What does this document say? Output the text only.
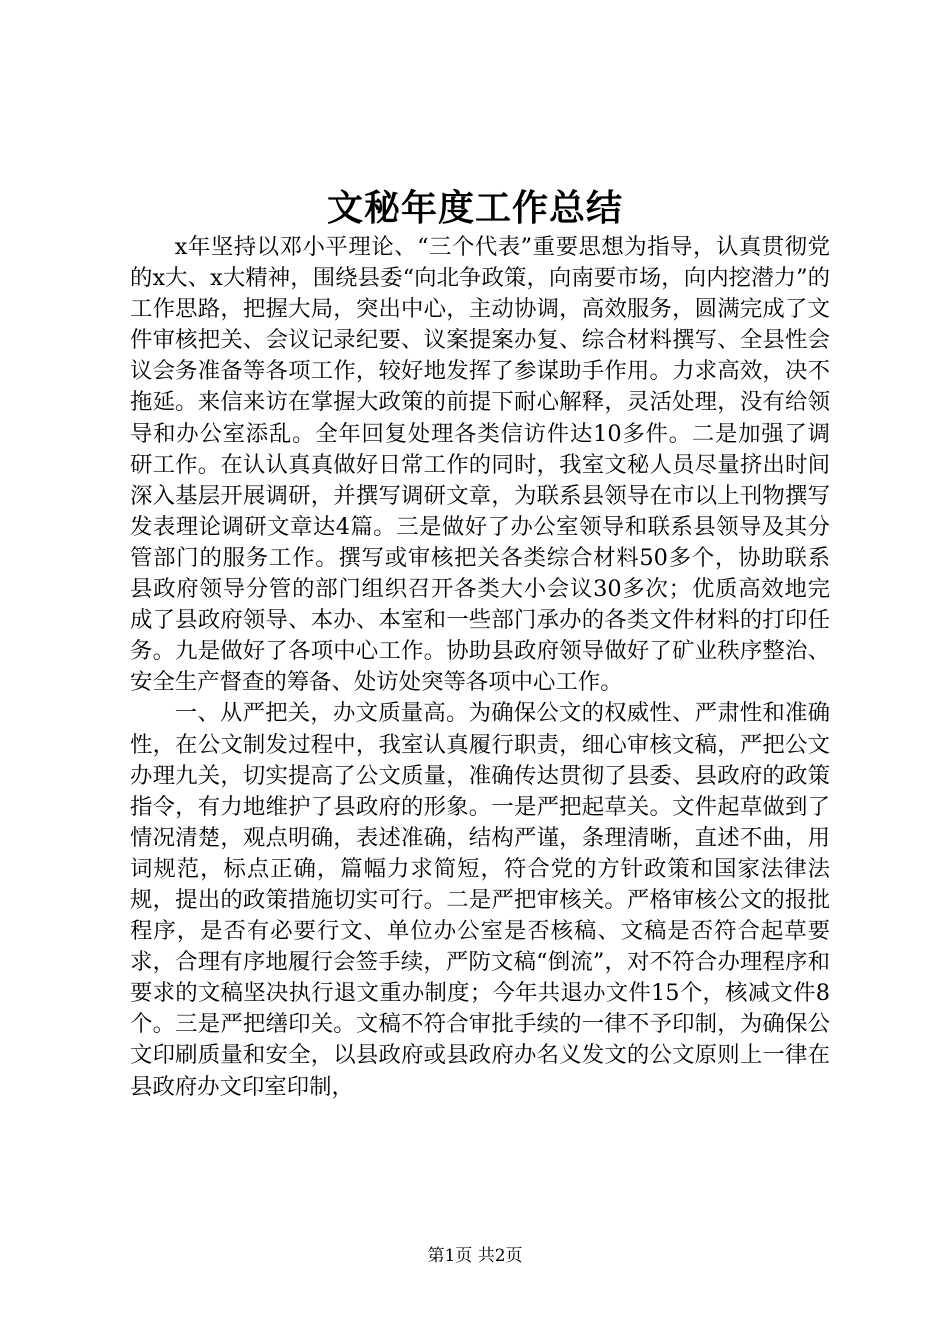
文秘年度工作总结

x年坚持以邓小平理论、“三个代表”重要思想为指导，认真贯彻党的x大、x大精神，围绕县委“向北争政策，向南要市场，向内挖潜力”的工作思路，把握大局，突出中心，主动协调，高效服务，圆满完成了文件审核把关、会议记录纪要、议案提案办复、综合材料撰写、全县性会议会务准备等各项工作，较好地发挥了参谋助手作用。力求高效，决不拖延。来信来访在掌握大政策的前提下耐心解释，灵活处理，没有给领导和办公室添乱。全年回复处理各类信访件达10多件。二是加强了调研工作。在认认真真做好日常工作的同时，我室文秘人员尽量挤出时间深入基层开展调研，并撰写调研文章，为联系县领导在市以上刊物撰写发表理论调研文章达4篇。三是做好了办公室领导和联系县领导及其分管部门的服务工作。撰写或审核把关各类综合材料50多个，协助联系县政府领导分管的部门组织召开各类大小会议30多次；优质高效地完成了县政府领导、本办、本室和一些部门承办的各类文件材料的打印任务。九是做好了各项中心工作。协助县政府领导做好了矿业秩序整治、安全生产督查的筹备、处访处突等各项中心工作。

一、从严把关，办文质量高。为确保公文的权威性、严肃性和准确性，在公文制发过程中，我室认真履行职责，细心审核文稿，严把公文办理九关，切实提高了公文质量，准确传达贯彻了县委、县政府的政策指令，有力地维护了县政府的形象。一是严把起草关。文件起草做到了情况清楚，观点明确，表述准确，结构严谨，条理清晰，直述不曲，用词规范，标点正确，篇幅力求简短，符合党的方针政策和国家法律法规，提出的政策措施切实可行。二是严把审核关。严格审核公文的报批程序，是否有必要行文、单位办公室是否核稿、文稿是否符合起草要求，合理有序地履行会签手续，严防文稿“倒流”，对不符合办理程序和要求的文稿坚决执行退文重办制度；今年共退办文件15个，核减文件8个。三是严把缮印关。文稿不符合审批手续的一律不予印制，为确保公文印刷质量和安全，以县政府或县政府办名义发文的公文原则上一律在县政府办文印室印制，

第1页 共2页
